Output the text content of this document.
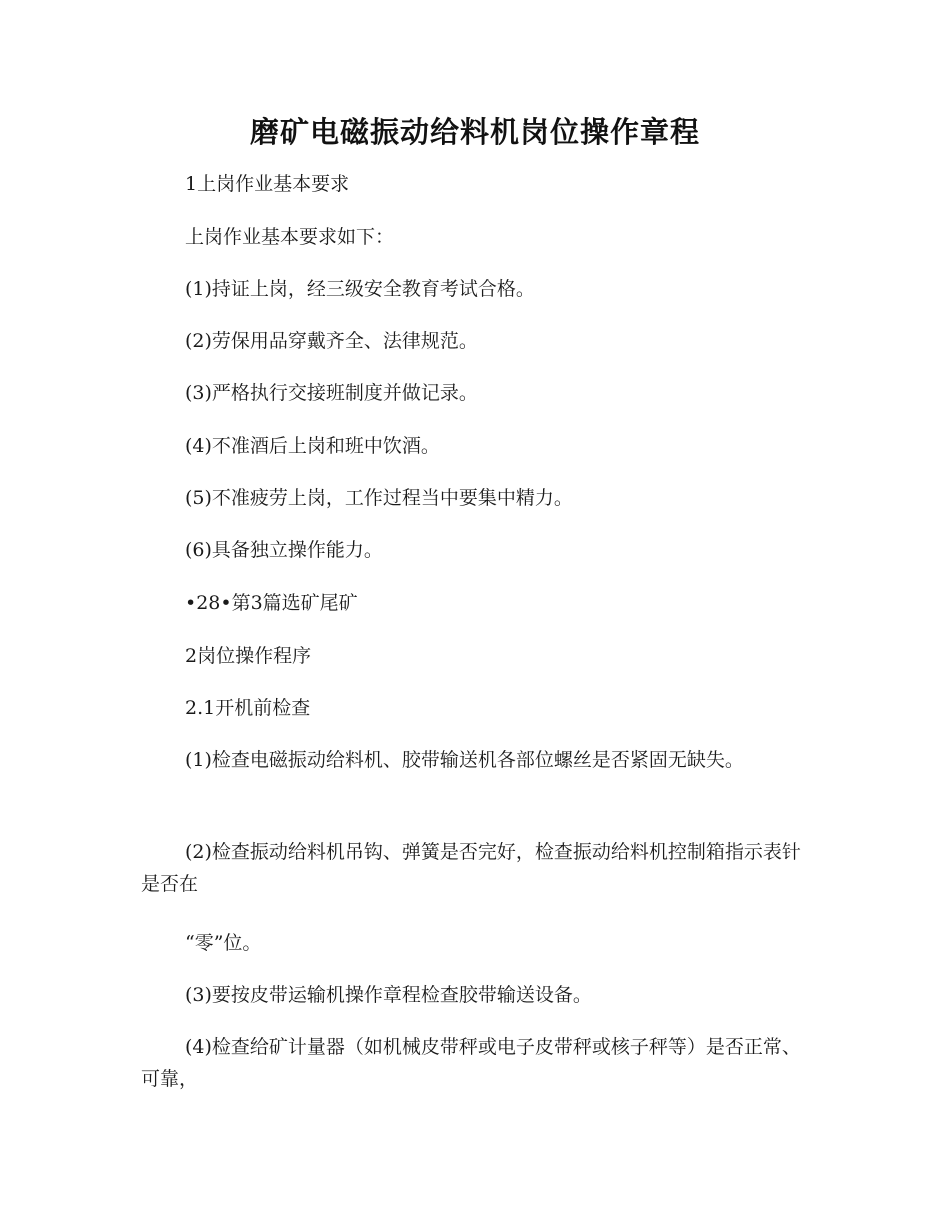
磨矿电磁振动给料机岗位操作章程

1上岗作业基本要求

上岗作业基本要求如下：

(1)持证上岗，经三级安全教育考试合格。

(2)劳保用品穿戴齐全、法律规范。

(3)严格执行交接班制度并做记录。

(4)不准酒后上岗和班中饮酒。

(5)不准疲劳上岗，工作过程当中要集中精力。

(6)具备独立操作能力。

•28•第3篇选矿尾矿

2岗位操作程序

2.1开机前检查

(1)检查电磁振动给料机、胶带输送机各部位螺丝是否紧固无缺失。

(2)检查振动给料机吊钩、弹簧是否完好，检查振动给料机控制箱指示表针是否在

“零”位。

(3)要按皮带运输机操作章程检查胶带输送设备。

(4)检查给矿计量器（如机械皮带秤或电子皮带秤或核子秤等）是否正常、可靠，
